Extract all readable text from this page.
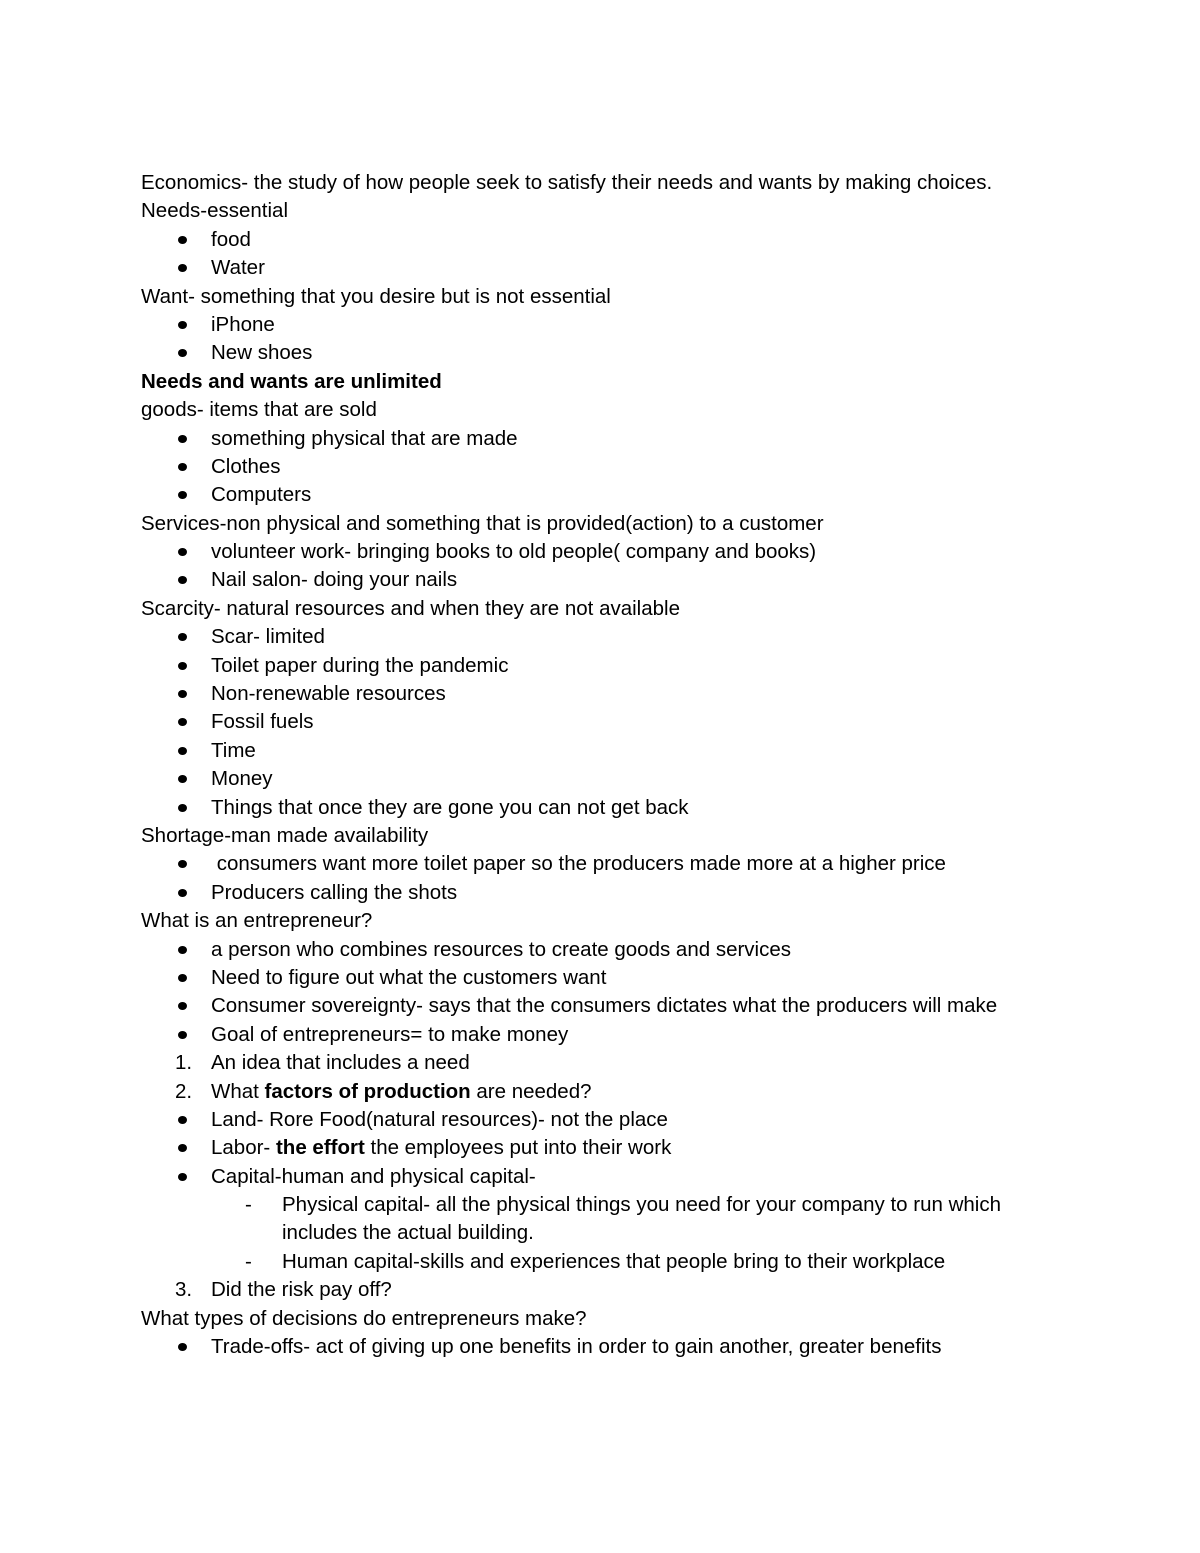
Economics- the study of how people seek to satisfy their needs and wants by making choices.
Needs-essential
food
Water
Want- something that you desire but is not essential
iPhone
New shoes
Needs and wants are unlimited
goods- items that are sold
something physical that are made
Clothes
Computers
Services-non physical and something that is provided(action) to a customer
volunteer work- bringing books to old people( company and books)
Nail salon- doing your nails
Scarcity- natural resources and when they are not available
Scar- limited
Toilet paper during the pandemic
Non-renewable resources
Fossil fuels
Time
Money
Things that once they are gone you can not get back
Shortage-man made availability
consumers want more toilet paper so the producers made more at a higher price
Producers calling the shots
What is an entrepreneur?
a person who combines resources to create goods and services
Need to figure out what the customers want
Consumer sovereignty- says that the consumers dictates what the producers will make
Goal of entrepreneurs= to make money
1. An idea that includes a need
2. What factors of production are needed?
Land- Rore Food(natural resources)- not the place
Labor- the effort the employees put into their work
Capital-human and physical capital-
- Physical capital- all the physical things you need for your company to run which
includes the actual building.
- Human capital-skills and experiences that people bring to their workplace
3. Did the risk pay off?
What types of decisions do entrepreneurs make?
Trade-offs- act of giving up one benefits in order to gain another, greater benefits
